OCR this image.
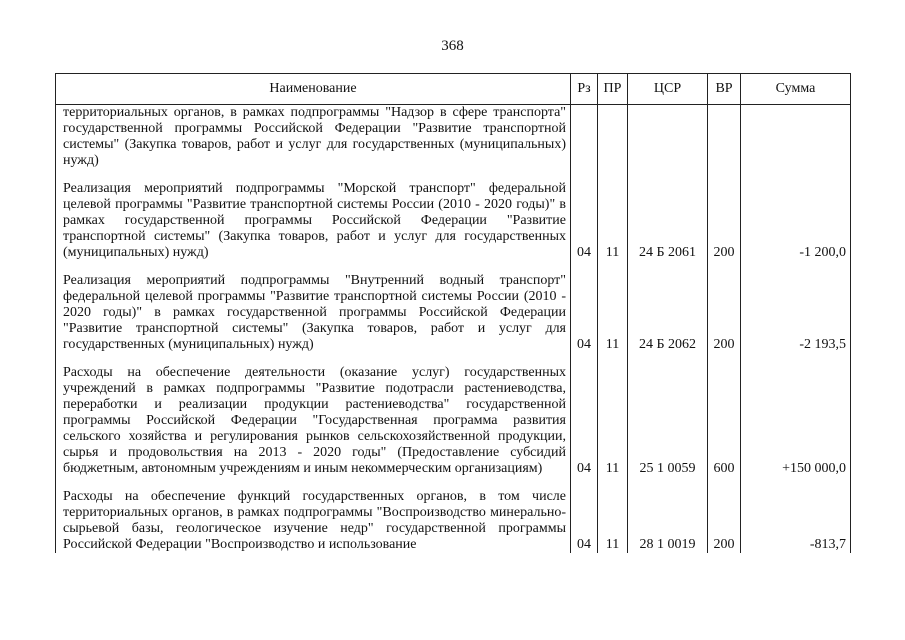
368
Наименование	Рз	ПР	ЦСР	ВР	Сумма
территориальных органов, в рамках подпрограммы "Надзор в сфере транспорта" государственной программы Российской Федерации "Развитие транспортной системы" (Закупка товаров, работ и услуг для государственных (муниципальных) нужд)					

Реализация мероприятий подпрограммы "Морской транспорт" федеральной целевой программы "Развитие транспортной системы России (2010 - 2020 годы)" в рамках государственной программы Российской Федерации "Развитие транспортной системы" (Закупка товаров, работ и услуг для государственных (муниципальных) нужд)	04	11	24 Б 2061	200	-1 200,0

Реализация мероприятий подпрограммы "Внутренний водный транспорт" федеральной целевой программы "Развитие транспортной системы России (2010 - 2020 годы)" в рамках государственной программы Российской Федерации "Развитие транспортной системы" (Закупка товаров, работ и услуг для государственных (муниципальных) нужд)	04	11	24 Б 2062	200	-2 193,5

Расходы на обеспечение деятельности (оказание услуг) государственных учреждений в рамках подпрограммы "Развитие подотрасли растениеводства, переработки и реализации продукции растениеводства" государственной программы Российской Федерации "Государственная программа развития сельского хозяйства и регулирования рынков сельскохозяйственной продукции, сырья и продовольствия на 2013 - 2020 годы" (Предоставление субсидий бюджетным, автономным учреждениям и иным некоммерческим организациям)	04	11	25 1 0059	600	+150 000,0

Расходы на обеспечение функций государственных органов, в том числе территориальных органов, в рамках подпрограммы "Воспроизводство минерально-сырьевой базы, геологическое изучение недр" государственной программы Российской Федерации "Воспроизводство и использование	04	11	28 1 0019	200	-813,7
